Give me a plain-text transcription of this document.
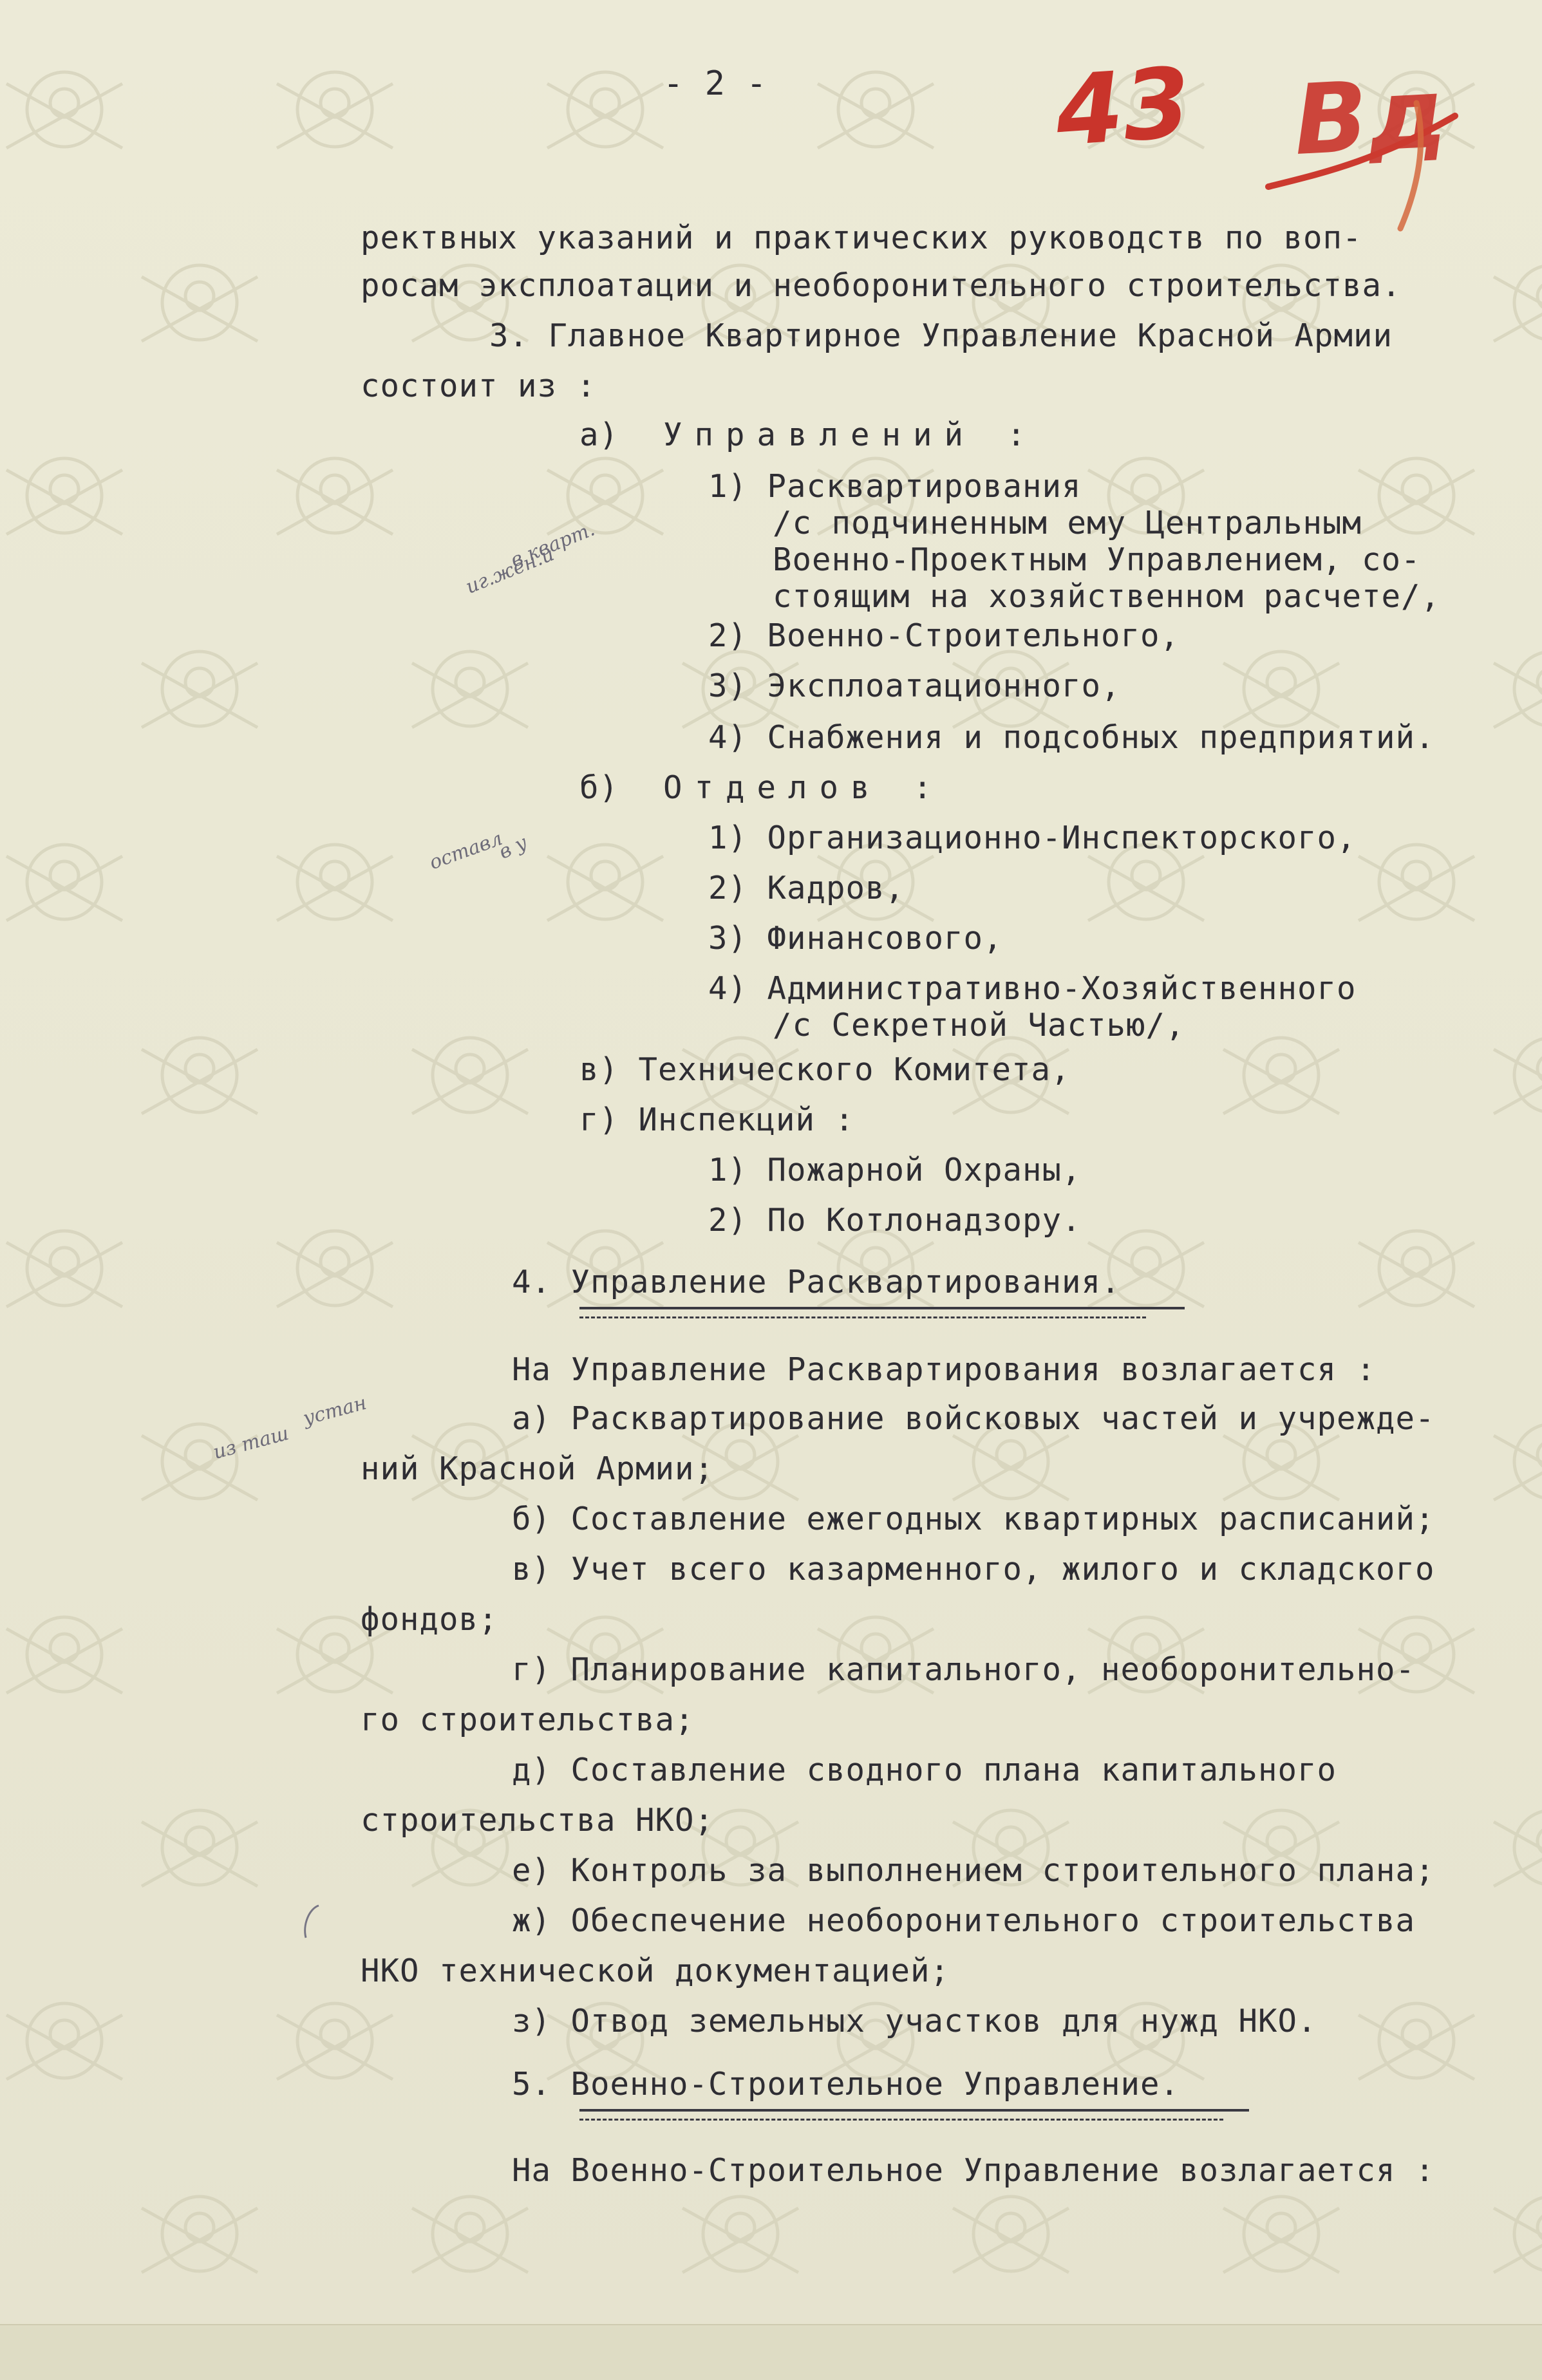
- 2 -	43 Вд
иг.жен.и
в кварт.
оставл
в у
из таш
устан
ректвных указаний и практических руководств по воп-
росам эксплоатации и необоронительного строительства.
3. Главное Квартирное Управление Красной Армии
состоит из :
а) Управлений :
1) Расквартирования
/с подчиненным ему Центральным
Военно-Проектным Управлением, со-
стоящим на хозяйственном расчете/,
2) Военно-Строительного,
3) Эксплоатационного,
4) Снабжения и подсобных предприятий.
б) Отделов :
1) Организационно-Инспекторского,
2) Кадров,
3) Финансового,
4) Административно-Хозяйственного
/с Секретной Частью/,
в) Технического Комитета,
г) Инспекций :
1) Пожарной Охраны,
2) По Котлонадзору.
4. Управление Расквартирования.
На Управление Расквартирования возлагается :
а) Расквартирование войсковых частей и учрежде-
ний Красной Армии;
б) Составление ежегодных квартирных расписаний;
в) Учет всего казарменного, жилого и складского
фондов;
г) Планирование капитального, необоронительно-
го строительства;
д) Составление сводного плана капитального
строительства НКО;
е) Контроль за выполнением строительного плана;
ж) Обеспечение необоронительного строительства
НКО технической документацией;
з) Отвод земельных участков для нужд НКО.
5. Военно-Строительное Управление.
На Военно-Строительное Управление возлагается :
